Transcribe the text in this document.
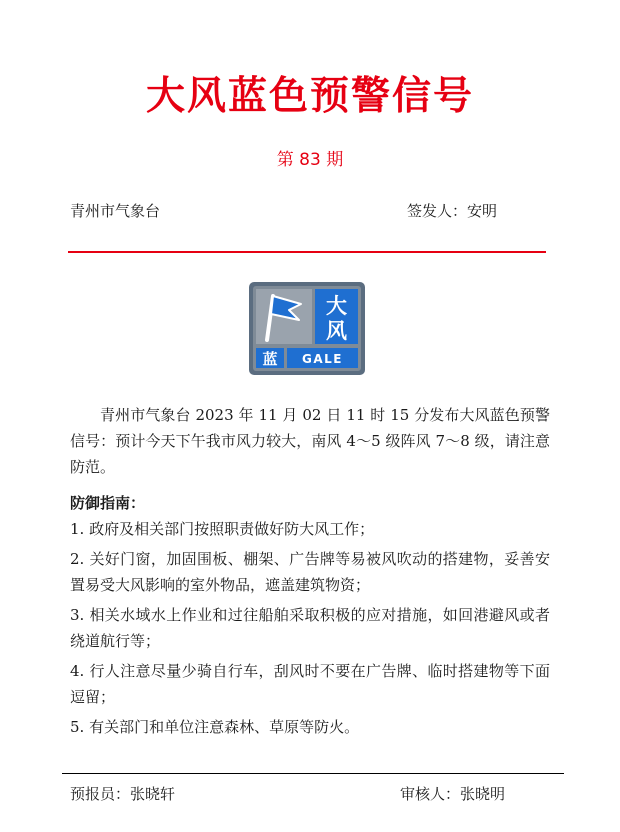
大风蓝色预警信号
第 83 期
青州市气象台	签发人：安明
大
风
蓝 GALE

青州市气象台 2023 年 11 月 02 日 11 时 15 分发布大风蓝色预警信号：预计今天下午我市风力较大，南风 4～5 级阵风 7～8 级，请注意防范。

防御指南：
1. 政府及相关部门按照职责做好防大风工作；
2. 关好门窗，加固围板、棚架、广告牌等易被风吹动的搭建物，妥善安置易受大风影响的室外物品，遮盖建筑物资；
3. 相关水域水上作业和过往船舶采取积极的应对措施，如回港避风或者绕道航行等；
4. 行人注意尽量少骑自行车，刮风时不要在广告牌、临时搭建物等下面逗留；
5. 有关部门和单位注意森林、草原等防火。
预报员：张晓轩	审核人：张晓明
